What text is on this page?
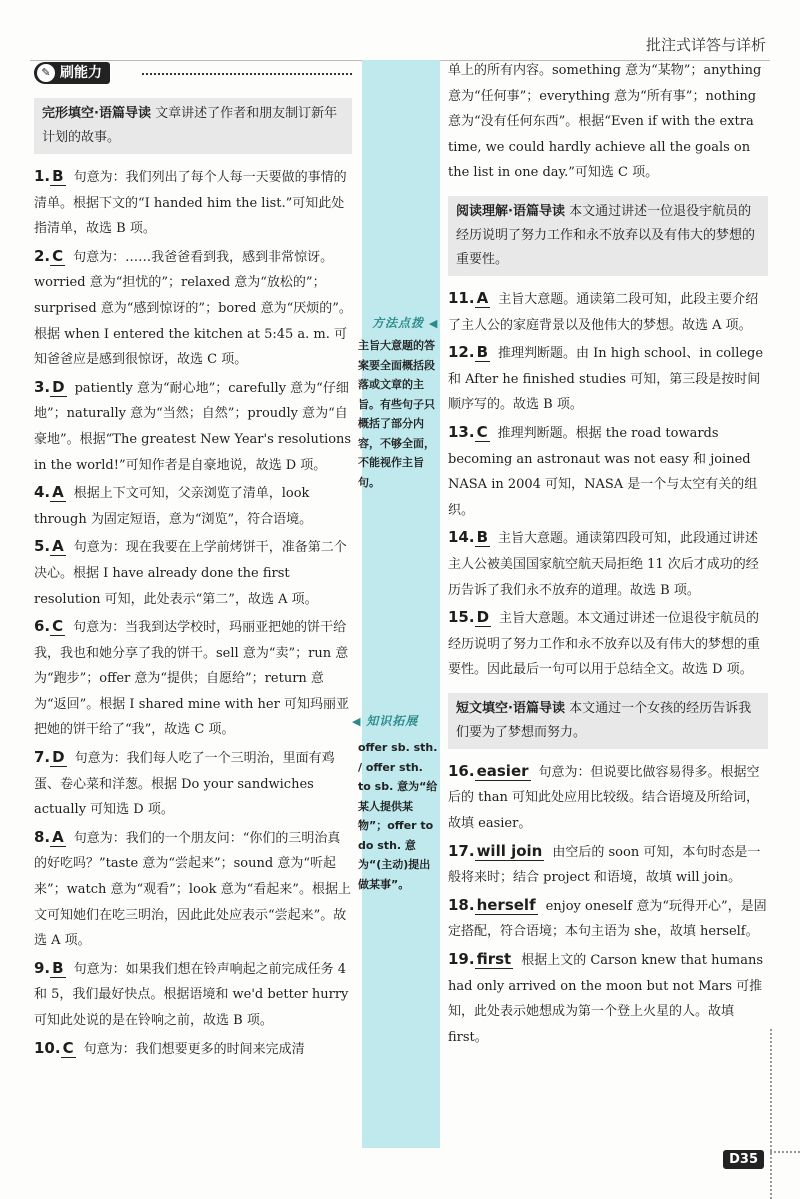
批注式详答与详析
✎ 刷能力
完形填空·语篇导读 文章讲述了作者和朋友制订新年计划的故事。
1. B 句意为：我们列出了每个人每一天要做的事情的清单。根据下文的“I handed him the list.”可知此处指清单，故选 B 项。
2. C 句意为：……我爸爸看到我，感到非常惊讶。worried 意为“担忧的”；relaxed 意为“放松的”；surprised 意为“感到惊讶的”；bored 意为“厌烦的”。根据 when I entered the kitchen at 5:45 a. m. 可知爸爸应是感到很惊讶，故选 C 项。
3. D patiently 意为“耐心地”；carefully 意为“仔细地”；naturally 意为“当然；自然”；proudly 意为“自豪地”。根据“The greatest New Year's resolutions in the world!”可知作者是自豪地说，故选 D 项。
4. A 根据上下文可知，父亲浏览了清单，look through 为固定短语，意为“浏览”，符合语境。
5. A 句意为：现在我要在上学前烤饼干，准备第二个决心。根据 I have already done the first resolution 可知，此处表示“第二”，故选 A 项。
6. C 句意为：当我到达学校时，玛丽亚把她的饼干给我，我也和她分享了我的饼干。sell 意为“卖”；run 意为“跑步”；offer 意为“提供；自愿给”；return 意为“返回”。根据 I shared mine with her 可知玛丽亚把她的饼干给了“我”，故选 C 项。
7. D 句意为：我们每人吃了一个三明治，里面有鸡蛋、卷心菜和洋葱。根据 Do your sandwiches actually 可知选 D 项。
8. A 句意为：我们的一个朋友问：“你们的三明治真的好吃吗？”taste 意为“尝起来”；sound 意为“听起来”；watch 意为“观看”；look 意为“看起来”。根据上文可知她们在吃三明治，因此此处应表示“尝起来”。故选 A 项。
9. B 句意为：如果我们想在铃声响起之前完成任务 4 和 5，我们最好快点。根据语境和 we'd better hurry 可知此处说的是在铃响之前，故选 B 项。
10. C 句意为：我们想要更多的时间来完成清
方法点拨 ◀
主旨大意题的答案要全面概括段落或文章的主旨。有些句子只概括了部分内容，不够全面，不能视作主旨句。
◀ 知识拓展
offer sb. sth. / offer sth. to sb. 意为“给某人提供某物”；offer to do sth. 意为“(主动)提出做某事”。
单上的所有内容。something 意为“某物”；anything 意为“任何事”；everything 意为“所有事”；nothing 意为“没有任何东西”。根据“Even if with the extra time, we could hardly achieve all the goals on the list in one day.”可知选 C 项。
阅读理解·语篇导读 本文通过讲述一位退役宇航员的经历说明了努力工作和永不放弃以及有伟大的梦想的重要性。
11. A 主旨大意题。通读第二段可知，此段主要介绍了主人公的家庭背景以及他伟大的梦想。故选 A 项。
12. B 推理判断题。由 In high school、in college 和 After he finished studies 可知，第三段是按时间顺序写的。故选 B 项。
13. C 推理判断题。根据 the road towards becoming an astronaut was not easy 和 joined NASA in 2004 可知，NASA 是一个与太空有关的组织。
14. B 主旨大意题。通读第四段可知，此段通过讲述主人公被美国国家航空航天局拒绝 11 次后才成功的经历告诉了我们永不放弃的道理。故选 B 项。
15. D 主旨大意题。本文通过讲述一位退役宇航员的经历说明了努力工作和永不放弃以及有伟大的梦想的重要性。因此最后一句可以用于总结全文。故选 D 项。
短文填空·语篇导读 本文通过一个女孩的经历告诉我们要为了梦想而努力。
16. easier 句意为：但说要比做容易得多。根据空后的 than 可知此处应用比较级。结合语境及所给词，故填 easier。
17. will join 由空后的 soon 可知，本句时态是一般将来时；结合 project 和语境，故填 will join。
18. herself enjoy oneself 意为“玩得开心”，是固定搭配，符合语境；本句主语为 she，故填 herself。
19. first 根据上文的 Carson knew that humans had only arrived on the moon but not Mars 可推知，此处表示她想成为第一个登上火星的人。故填 first。
D35
